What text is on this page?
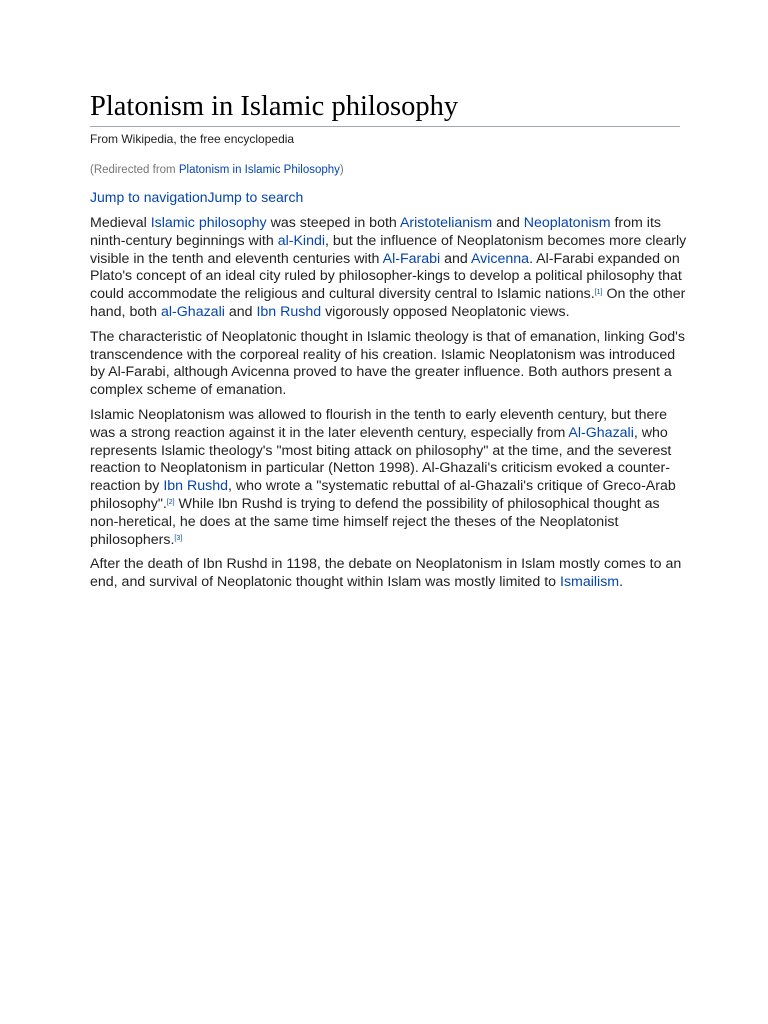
Platonism in Islamic philosophy
From Wikipedia, the free encyclopedia
(Redirected from Platonism in Islamic Philosophy)
Jump to navigationJump to search

Medieval Islamic philosophy was steeped in both Aristotelianism and Neoplatonism from its ninth-century beginnings with al-Kindi, but the influence of Neoplatonism becomes more clearly visible in the tenth and eleventh centuries with Al-Farabi and Avicenna. Al-Farabi expanded on Plato's concept of an ideal city ruled by philosopher-kings to develop a political philosophy that could accommodate the religious and cultural diversity central to Islamic nations.[1] On the other hand, both al-Ghazali and Ibn Rushd vigorously opposed Neoplatonic views.

The characteristic of Neoplatonic thought in Islamic theology is that of emanation, linking God's transcendence with the corporeal reality of his creation. Islamic Neoplatonism was introduced by Al-Farabi, although Avicenna proved to have the greater influence. Both authors present a complex scheme of emanation.

Islamic Neoplatonism was allowed to flourish in the tenth to early eleventh century, but there was a strong reaction against it in the later eleventh century, especially from Al-Ghazali, who represents Islamic theology's "most biting attack on philosophy" at the time, and the severest reaction to Neoplatonism in particular (Netton 1998). Al-Ghazali's criticism evoked a counter-reaction by Ibn Rushd, who wrote a "systematic rebuttal of al-Ghazali's critique of Greco-Arab philosophy".[2] While Ibn Rushd is trying to defend the possibility of philosophical thought as non-heretical, he does at the same time himself reject the theses of the Neoplatonist philosophers.[3]

After the death of Ibn Rushd in 1198, the debate on Neoplatonism in Islam mostly comes to an end, and survival of Neoplatonic thought within Islam was mostly limited to Ismailism.
